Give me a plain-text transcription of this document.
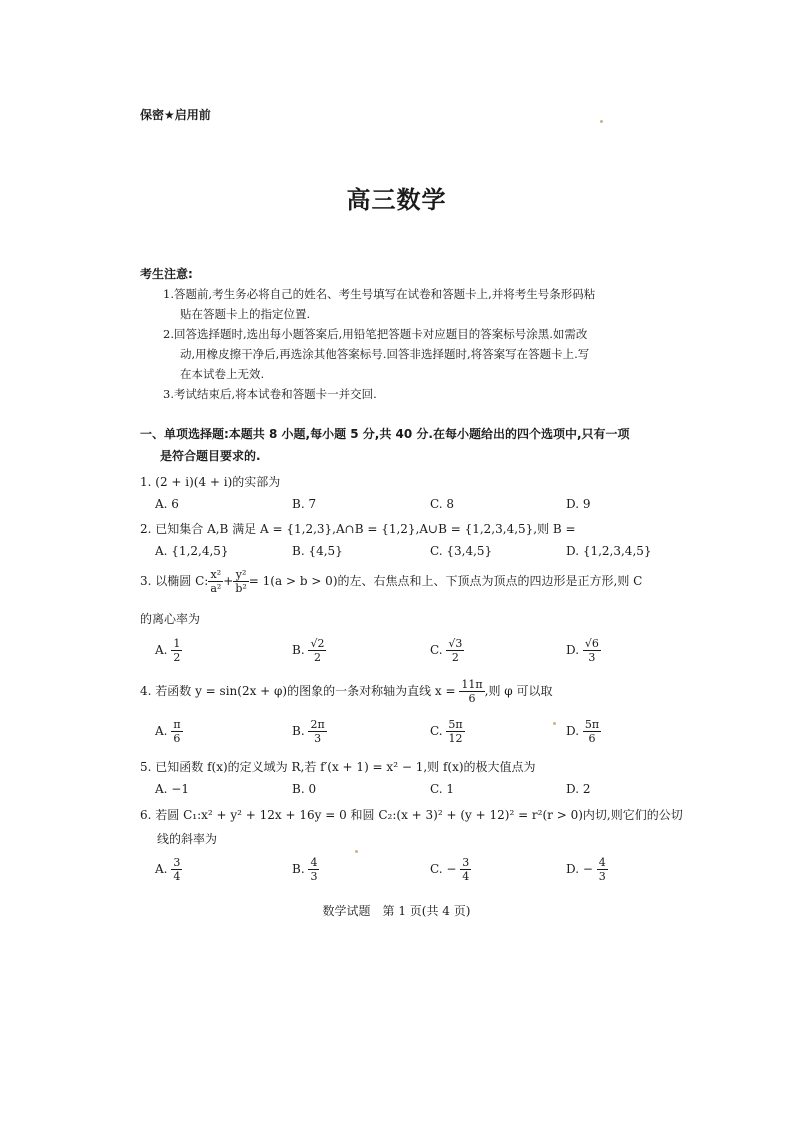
保密★启用前
高三数学
考生注意:
1.答题前,考生务必将自己的姓名、考生号填写在试卷和答题卡上,并将考生号条形码粘
贴在答题卡上的指定位置.
2.回答选择题时,选出每小题答案后,用铅笔把答题卡对应题目的答案标号涂黑.如需改
动,用橡皮擦干净后,再选涂其他答案标号.回答非选择题时,将答案写在答题卡上.写
在本试卷上无效.
3.考试结束后,将本试卷和答题卡一并交回.
一、单项选择题:本题共 8 小题,每小题 5 分,共 40 分.在每小题给出的四个选项中,只有一项
是符合题目要求的.
1. (2 + i)(4 + i)的实部为
A. 6	B. 7	C. 8	D. 9
2. 已知集合 A,B 满足 A = {1,2,3},A∩B = {1,2},A∪B = {1,2,3,4,5},则 B =
A. {1,2,4,5}	B. {4,5}	C. {3,4,5}	D. {1,2,3,4,5}
3. 以椭圆 C: $\frac{\text{x²}}{\text{a²}} + \frac{\text{y²}}{\text{b²}} = 1(a > b > 0)$的左、右焦点和上、下顶点为顶点的四边形是正方形,则 C
的离心率为
A. $\frac{1}{2}$	B. $\frac{√2}{2}$	C. $\frac{√3}{2}$	D. $\frac{√6}{3}$
4. 若函数 y = sin(2x + φ)的图象的一条对称轴为直线 $x = \frac{11\pi}{6}$ ,则 φ 可以取
A. $\frac{\pi}{6}$	B. $\frac{2\pi}{3}$	C. $\frac{5\pi}{12}$	D. $\frac{5\pi}{6}$
5. 已知函数 f(x)的定义域为 R,若 f′(x + 1) = x² − 1,则 f(x)的极大值点为
A. −1	B. 0	C. 1	D. 2
6. 若圆 C₁:x² + y² + 12x + 16y = 0 和圆 C₂:(x + 3)² + (y + 12)² = r²(r > 0)内切,则它们的公切
线的斜率为
A. $\frac{3}{4}$	B. $\frac{4}{3}$	C. − $\frac{3}{4}$	D. − $\frac{4}{3}$
数学试题　第 1 页(共 4 页)
